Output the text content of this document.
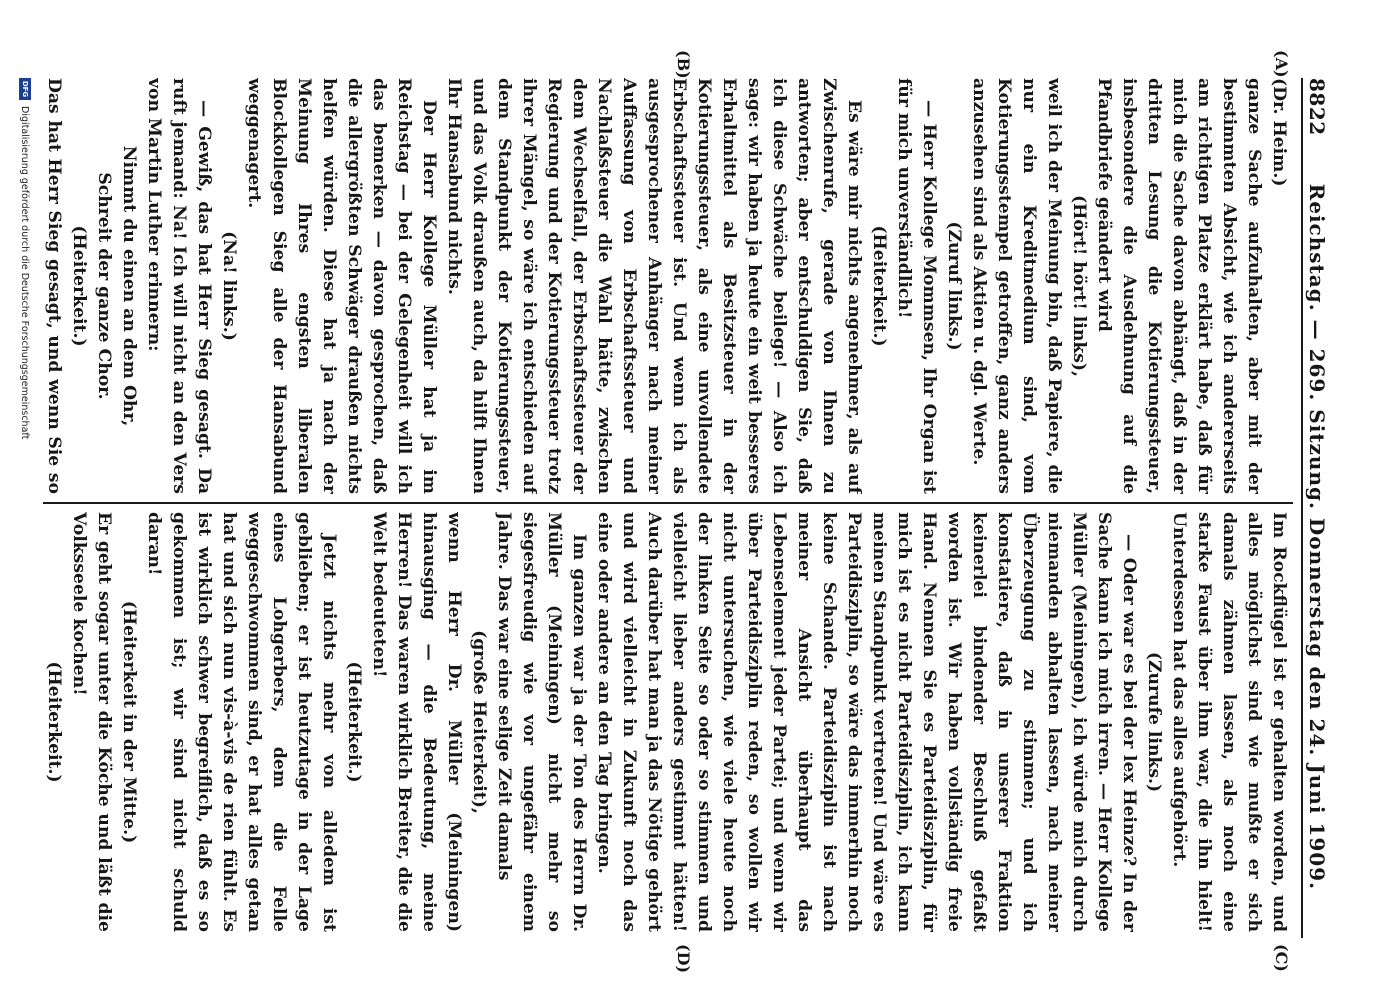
8822
Reichstag. — 269. Sitzung. Donnerstag den 24. Juni 1909.

(Dr. Heim.)

ganze Sache aufzuhalten, aber mit der bestimmten Absicht, wie ich andererseits am richtigen Platze erklärt habe, daß für mich die Sache davon abhängt, daß in der dritten Lesung die Kotierungssteuer, insbesondere die Ausdehnung auf die Pfandbriefe geändert wird

(Hört! hört! links),

weil ich der Meinung bin, daß Papiere, die nur ein Kreditmedium sind, vom Kotierungsstempel getroffen, ganz anders anzusehen sind als Aktien u. dgl. Werte.

(Zuruf links.)

— Herr Kollege Mommsen, Ihr Organ ist für mich unverständlich!

(Heiterkeit.)

Es wäre mir nichts angenehmer, als auf Zwischenrufe, gerade von Ihnen zu antworten; aber entschuldigen Sie, daß ich diese Schwäche beilege! — Also ich sage: wir haben ja heute ein weit besseres Erhaltmittel als Besitzsteuer in der Kotierungssteuer, als eine unvollendete Erbschaftssteuer ist. Und wenn ich als ausgesprochener Anhänger nach meiner Auffassung von Erbschaftssteuer und Nachlaßsteuer die Wahl hätte, zwischen dem Wechselfall, der Erbschaftssteuer der Regierung und der Kotierungssteuer trotz ihrer Mängel, so wäre ich entschieden auf dem Standpunkt der Kotierungssteuer, und das Volk draußen auch, da hilft Ihnen Ihr Hansabund nichts.

Der Herr Kollege Müller hat ja im Reichstag — bei der Gelegenheit will ich das bemerken — davon gesprochen, daß die allergrößten Schwäger draußen nichts helfen würden. Diese hat ja nach der Meinung Ihres engsten liberalen Blockkollegen Sieg alle der Hansabund weggenagert.

(Na! links.)

— Gewiß, das hat Herr Sieg gesagt. Da ruft jemand: Na! Ich will nicht an den Vers von Martin Luther erinnern:

Nimmt du einen an dem Ohr,

Schreit der ganze Chor.

(Heiterkeit.)

Das hat Herr Sieg gesagt, und wenn Sie so

Im Rockflügel ist er gehalten worden, und alles möglichst sind wie mußte er sich damals zähmen lassen, als noch eine starke Faust über ihm war, die ihn hielt! Unterdessen hat das alles aufgehört.

(Zurufe links.)

— Oder war es bei der lex Heinze? In der Sache kann ich mich irren. — Herr Kollege Müller (Meiningen), ich würde mich durch niemanden abhalten lassen, nach meiner Überzeugung zu stimmen; und ich konstatiere, daß in unserer Fraktion keinerlei bindender Beschluß gefaßt worden ist. Wir haben vollständig freie Hand. Nennen Sie es Parteidisziplin, für mich ist es nicht Parteidisziplin, ich kann meinen Standpunkt vertreten! Und wäre es Parteidisziplin, so wäre das immerhin noch keine Schande. Parteidisziplin ist nach meiner Ansicht überhaupt das Lebenselement jeder Partei; und wenn wir über Parteidisziplin reden, so wollen wir nicht untersuchen, wie viele heute noch der linken Seite so oder so stimmen und vielleicht lieber anders gestimmt hätten! Auch darüber hat man ja das Nötige gehört und wird vielleicht in Zukunft noch das eine oder andere an den Tag bringen.

Im ganzen war ja der Ton des Herrn Dr. Müller (Meiningen) nicht mehr so siegesfreudig wie vor ungefähr einem Jahre. Das war eine selige Zeit damals

(große Heiterkeit),

wenn Herr Dr. Müller (Meiningen) hinausging — die Bedeutung, meine Herren! Das waren wirklich Breiter, die die Welt bedeuteten!

(Heiterkeit.)

Jetzt nichts mehr von alledem ist geblieben; er ist heutzutage in der Lage eines Lohgerbers, dem die Felle weggeschwommen sind, er hat alles getan hat und sich nun vis-à-vis de rien fühlt. Es ist wirklich schwer begreiflich, daß es so gekommen ist; wir sind nicht schuld daran!

(Heiterkeit in der Mitte.)

Er geht sogar unter die Köche und läßt die Volksseele kochen!

(Heiterkeit.)

(A)
(B)
(C)
(D)
DFG
Digitalisierung gefördert durch die Deutsche Forschungsgemeinschaft
